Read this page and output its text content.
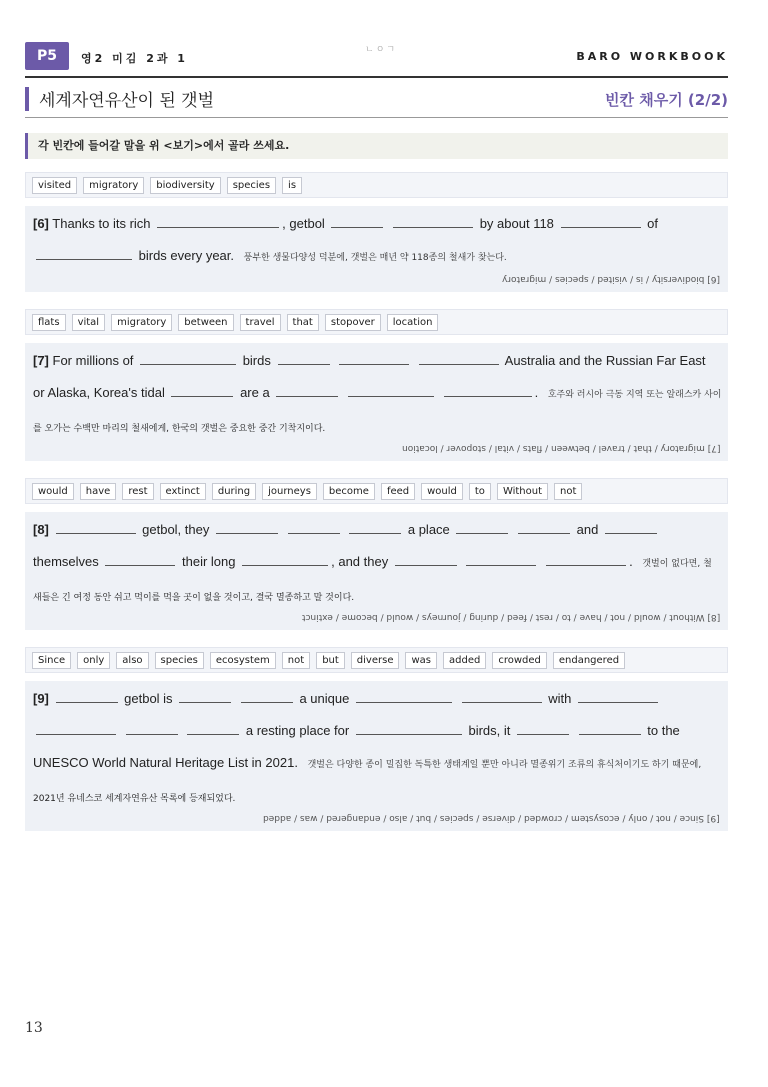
P5	영2 미김 2과 1
ㄴㅇㄱ	BARO WORKBOOK
세계자연유산이 된 갯벌	빈칸 채우기 (2/2)
각 빈칸에 들어갈 말을 위 <보기>에서 골라 쓰세요.
visited	migratory	biodiversity	species	is
[6] Thanks to its rich	, getbol	by about 118	of
birds every year. 풍부한 생물다양성 덕분에, 갯벌은 매년 약 118종의 철새가 찾는다.
[6] biodiversity / is / visited / species / migratory
flats	vital	migratory	between	travel	that	stopover	location
[7] For millions of	birds	Australia and the Russian Far East
or Alaska, Korea's tidal	are a	. 호주와 러시아 극동 지역 또는 알래스카 사이
를 오가는 수백만 마리의 철새에게, 한국의 갯벌은 중요한 중간 기착지이다.
[7] migratory / that / travel / between / flats / vital / stopover / location
would	have	rest	extinct	during	journeys	become	feed	would	to	Without	not
[8]	getbol, they	a place	and
themselves	their long	, and they	. 갯벌이 없다면, 철
새들은 긴 여정 동안 쉬고 먹이를 먹을 곳이 없을 것이고, 결국 멸종하고 말 것이다.
[8] Without / would / not / have / to / rest / feed / during / journeys / would / become / extinct
Since	only	also	species	ecosystem	not	but	diverse	was	added	crowded	endangered
[9]	getbol is	a unique	with
a resting place for	birds, it	to the
UNESCO World Natural Heritage List in 2021. 갯벌은 다양한 종이 밀집한 독특한 생태계일 뿐만 아니라 멸종위기 조류의 휴식처이기도 하기 때문에,
2021년 유네스코 세계자연유산 목록에 등재되었다.
[9] Since / not / only / ecosystem / crowded / diverse / species / but / also / endangered / was / added
13
